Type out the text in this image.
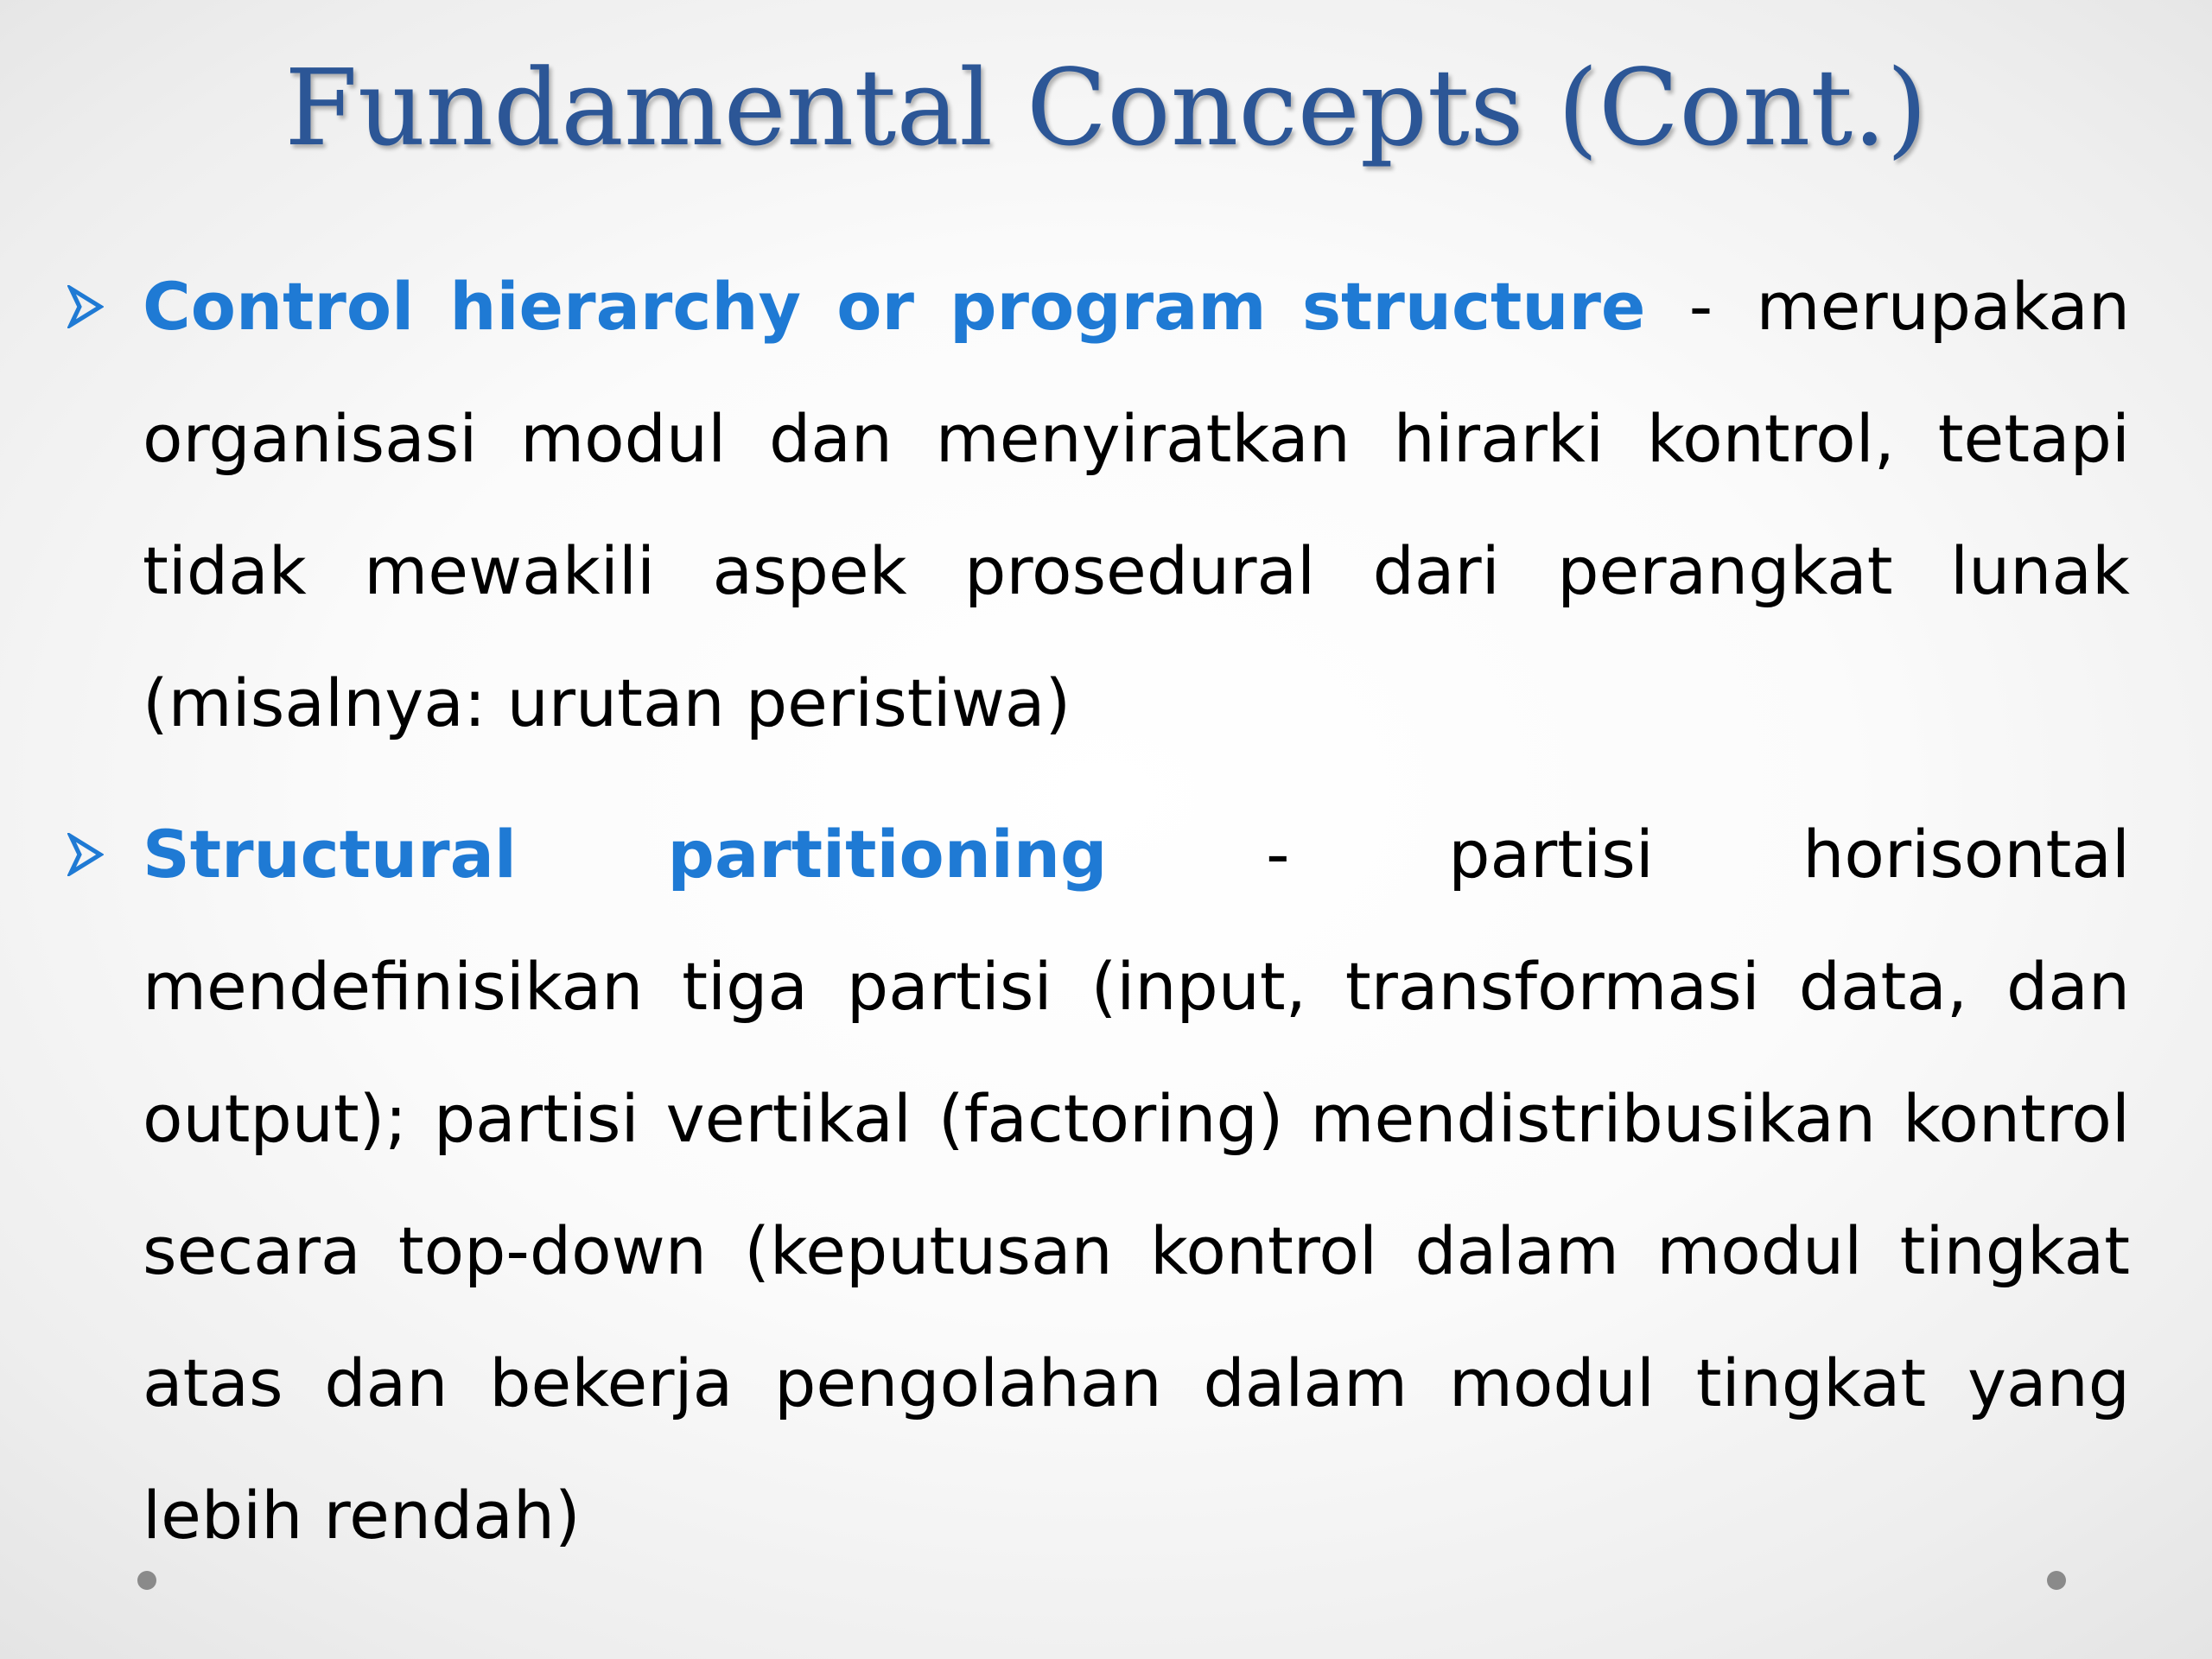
Fundamental Concepts (Cont.)
Control hierarchy or program structure - merupakan organisasi modul dan menyiratkan hirarki kontrol, tetapi tidak mewakili aspek prosedural dari perangkat lunak (misalnya: urutan peristiwa)
Structural partitioning - partisi horisontal mendefinisikan tiga partisi (input, transformasi data, dan output); partisi vertikal (factoring) mendistribusikan kontrol secara top-down (keputusan kontrol dalam modul tingkat atas dan bekerja pengolahan dalam modul tingkat yang lebih rendah)
